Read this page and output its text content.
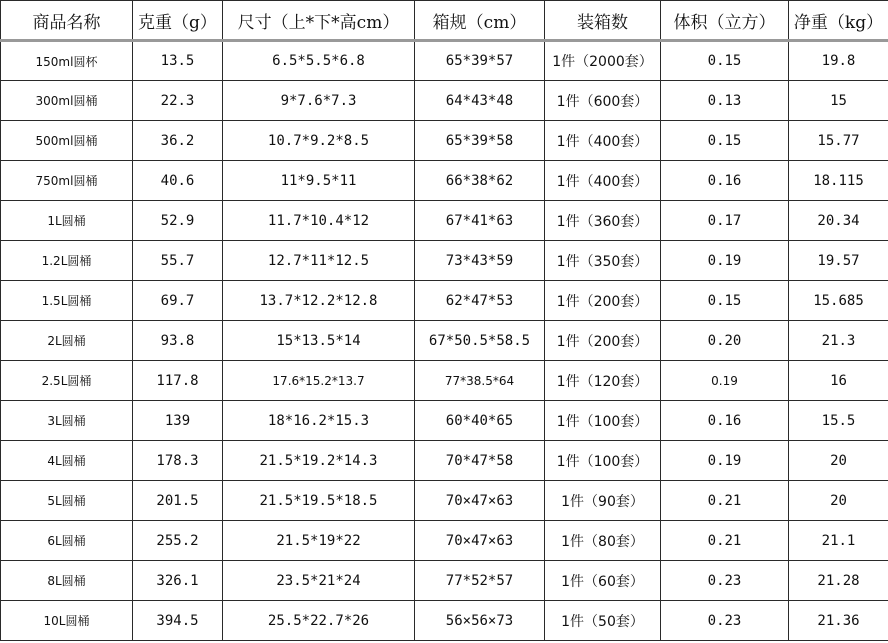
商品名称	克重（g）	尺寸（上*下*高cm）	箱规（cm）	装箱数	体积（立方）	净重（kg）
150ml圆杯	13.5	6.5*5.5*6.8	65*39*57	1件（2000套）	0.15	19.8
300ml圆桶	22.3	9*7.6*7.3	64*43*48	1件（600套）	0.13	15
500ml圆桶	36.2	10.7*9.2*8.5	65*39*58	1件（400套）	0.15	15.77
750ml圆桶	40.6	11*9.5*11	66*38*62	1件（400套）	0.16	18.115
1L圆桶	52.9	11.7*10.4*12	67*41*63	1件（360套）	0.17	20.34
1.2L圆桶	55.7	12.7*11*12.5	73*43*59	1件（350套）	0.19	19.57
1.5L圆桶	69.7	13.7*12.2*12.8	62*47*53	1件（200套）	0.15	15.685
2L圆桶	93.8	15*13.5*14	67*50.5*58.5	1件（200套）	0.20	21.3
2.5L圆桶	117.8	17.6*15.2*13.7	77*38.5*64	1件（120套）	0.19	16
3L圆桶	139	18*16.2*15.3	60*40*65	1件（100套）	0.16	15.5
4L圆桶	178.3	21.5*19.2*14.3	70*47*58	1件（100套）	0.19	20
5L圆桶	201.5	21.5*19.5*18.5	70×47×63	1件（90套）	0.21	20
6L圆桶	255.2	21.5*19*22	70×47×63	1件（80套）	0.21	21.1
8L圆桶	326.1	23.5*21*24	77*52*57	1件（60套）	0.23	21.28
10L圆桶	394.5	25.5*22.7*26	56×56×73	1件（50套）	0.23	21.36
